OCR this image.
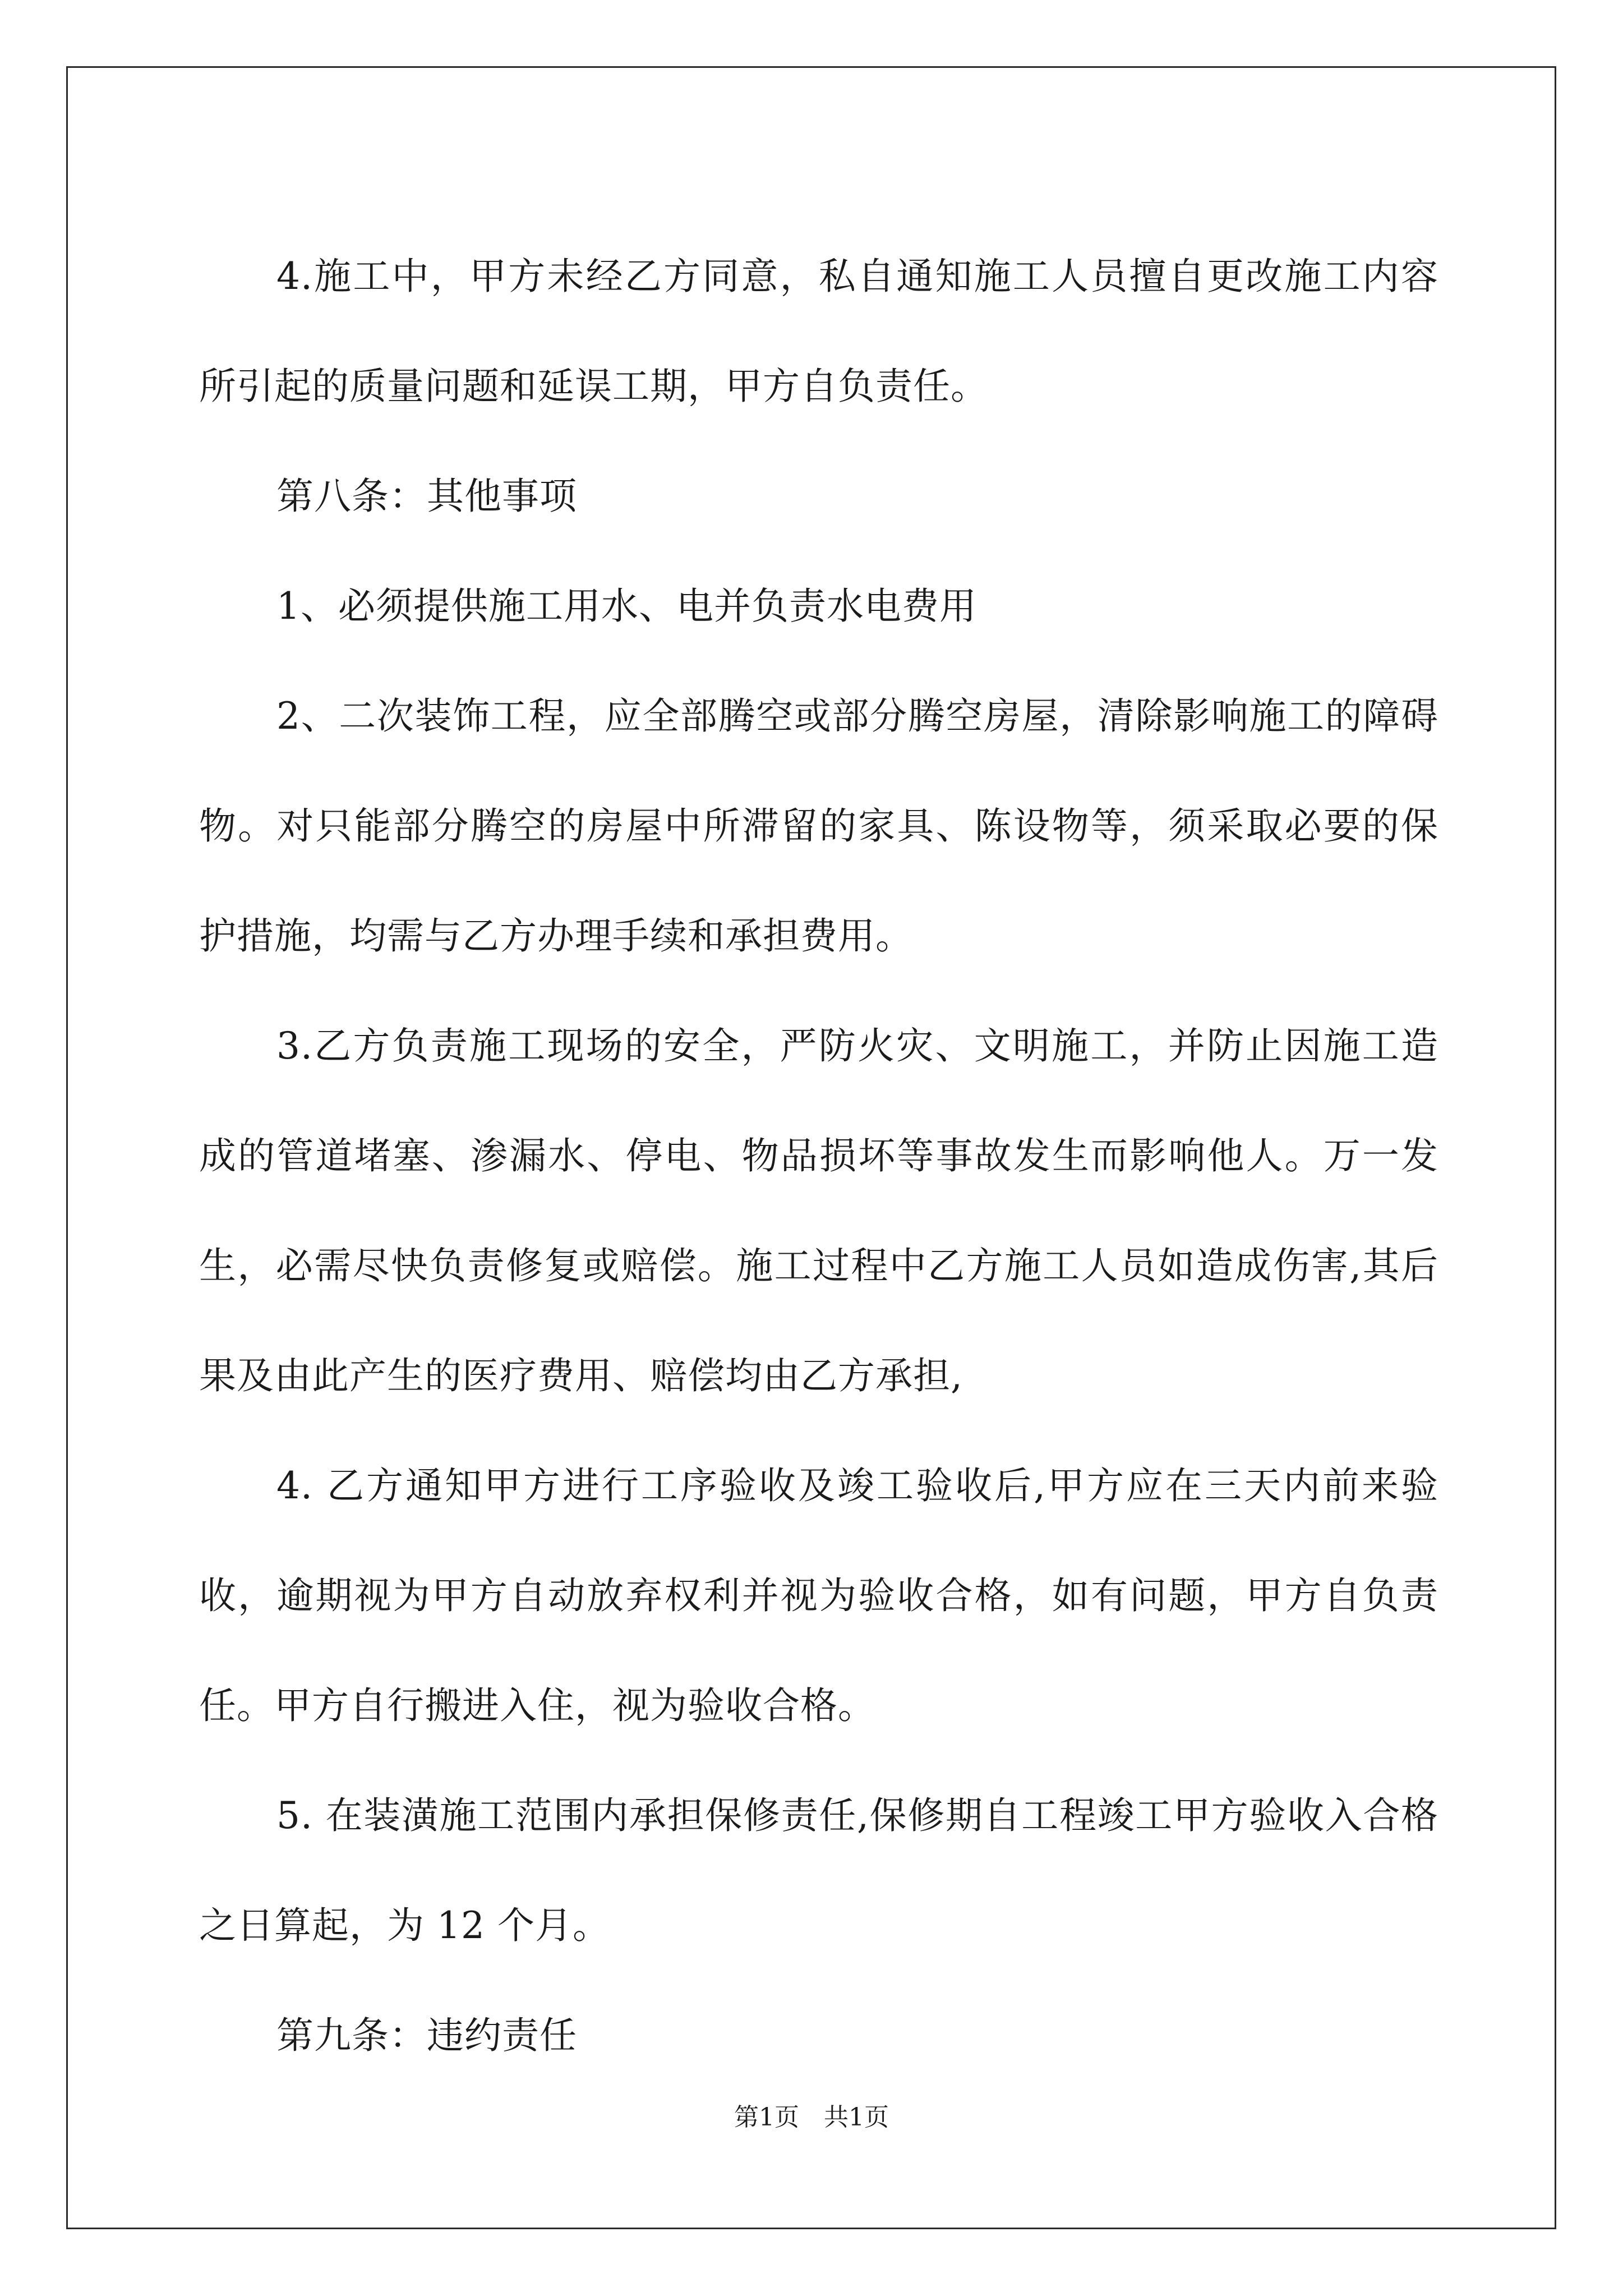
4.施工中，甲方未经乙方同意，私自通知施工人员擅自更改施工内容所引起的质量问题和延误工期，甲方自负责任。

第八条：其他事项

1、必须提供施工用水、电并负责水电费用

2、二次装饰工程，应全部腾空或部分腾空房屋，清除影响施工的障碍物。对只能部分腾空的房屋中所滞留的家具、陈设物等，须采取必要的保护措施，均需与乙方办理手续和承担费用。

3.乙方负责施工现场的安全，严防火灾、文明施工，并防止因施工造成的管道堵塞、渗漏水、停电、物品损坏等事故发生而影响他人。万一发生，必需尽快负责修复或赔偿。施工过程中乙方施工人员如造成伤害,其后果及由此产生的医疗费用、赔偿均由乙方承担,

4. 乙方通知甲方进行工序验收及竣工验收后,甲方应在三天内前来验收，逾期视为甲方自动放弃权利并视为验收合格，如有问题，甲方自负责任。甲方自行搬进入住，视为验收合格。

5. 在装潢施工范围内承担保修责任,保修期自工程竣工甲方验收入合格之日算起，为 12 个月。

第九条：违约责任

第1页　共1页
